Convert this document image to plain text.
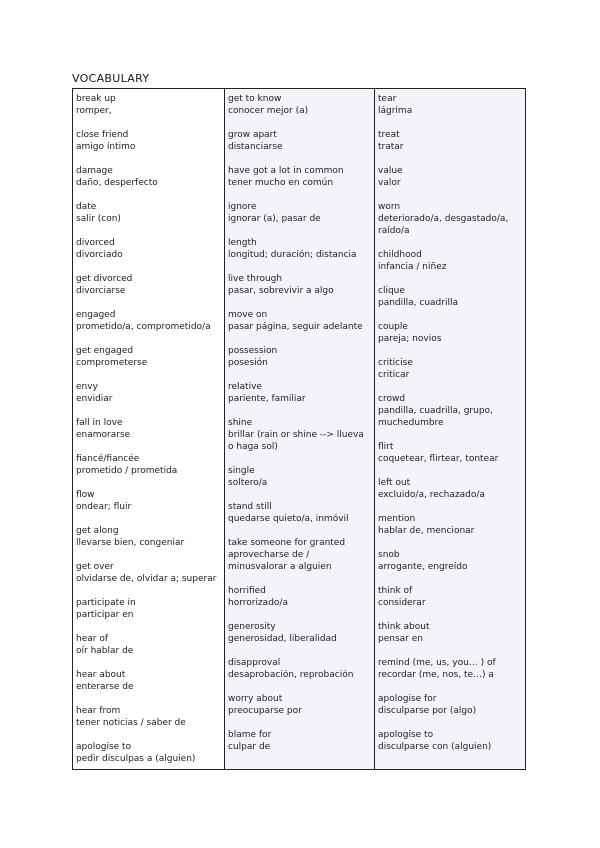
VOCABULARY
break up
romper,
close friend
amigo íntimo
damage
daño, desperfecto
date
salir (con)
divorced
divorciado
get divorced
divorciarse
engaged
prometido/a, comprometido/a
get engaged
comprometerse
envy
envidiar
fall in love
enamorarse
fiancé/fiancée
prometido / prometida
flow
ondear; fluir
get along
llevarse bien, congeniar
get over
olvidarse de, olvidar a; superar
participate in
participar en
hear of
oír hablar de
hear about
enterarse de
hear from
tener noticias / saber de
apologise to
pedir disculpas a (alguien)
get to know
conocer mejor (a)
grow apart
distanciarse
have got a lot in common
tener mucho en común
ignore
ignorar (a), pasar de
length
longitud; duración; distancia
live through
pasar, sobrevivir a algo
move on
pasar página, seguir adelante
possession
posesión
relative
pariente, familiar
shine
brillar (rain or shine --> llueva o haga sol)
single
soltero/a
stand still
quedarse quieto/a, inmóvil
take someone for granted
aprovecharse de / minusvalorar a alguien
horrified
horrorizado/a
generosity
generosidad, liberalidad
disapproval
desaprobación, reprobación
worry about
preocuparse por
blame for
culpar de
tear
lágrima
treat
tratar
value
valor
worn
deteriorado/a, desgastado/a, raído/a
childhood
infancia / niñez
clique
pandilla, cuadrilla
couple
pareja; novios
criticise
criticar
crowd
pandilla, cuadrilla, grupo, muchedumbre
flirt
coquetear, flirtear, tontear
left out
excluido/a, rechazado/a
mention
hablar de, mencionar
snob
arrogante, engreído
think of
considerar
think about
pensar en
remind (me, us, you… ) of
recordar (me, nos, te…) a
apologise for
disculparse por (algo)
apologise to
disculparse con (alguien)
